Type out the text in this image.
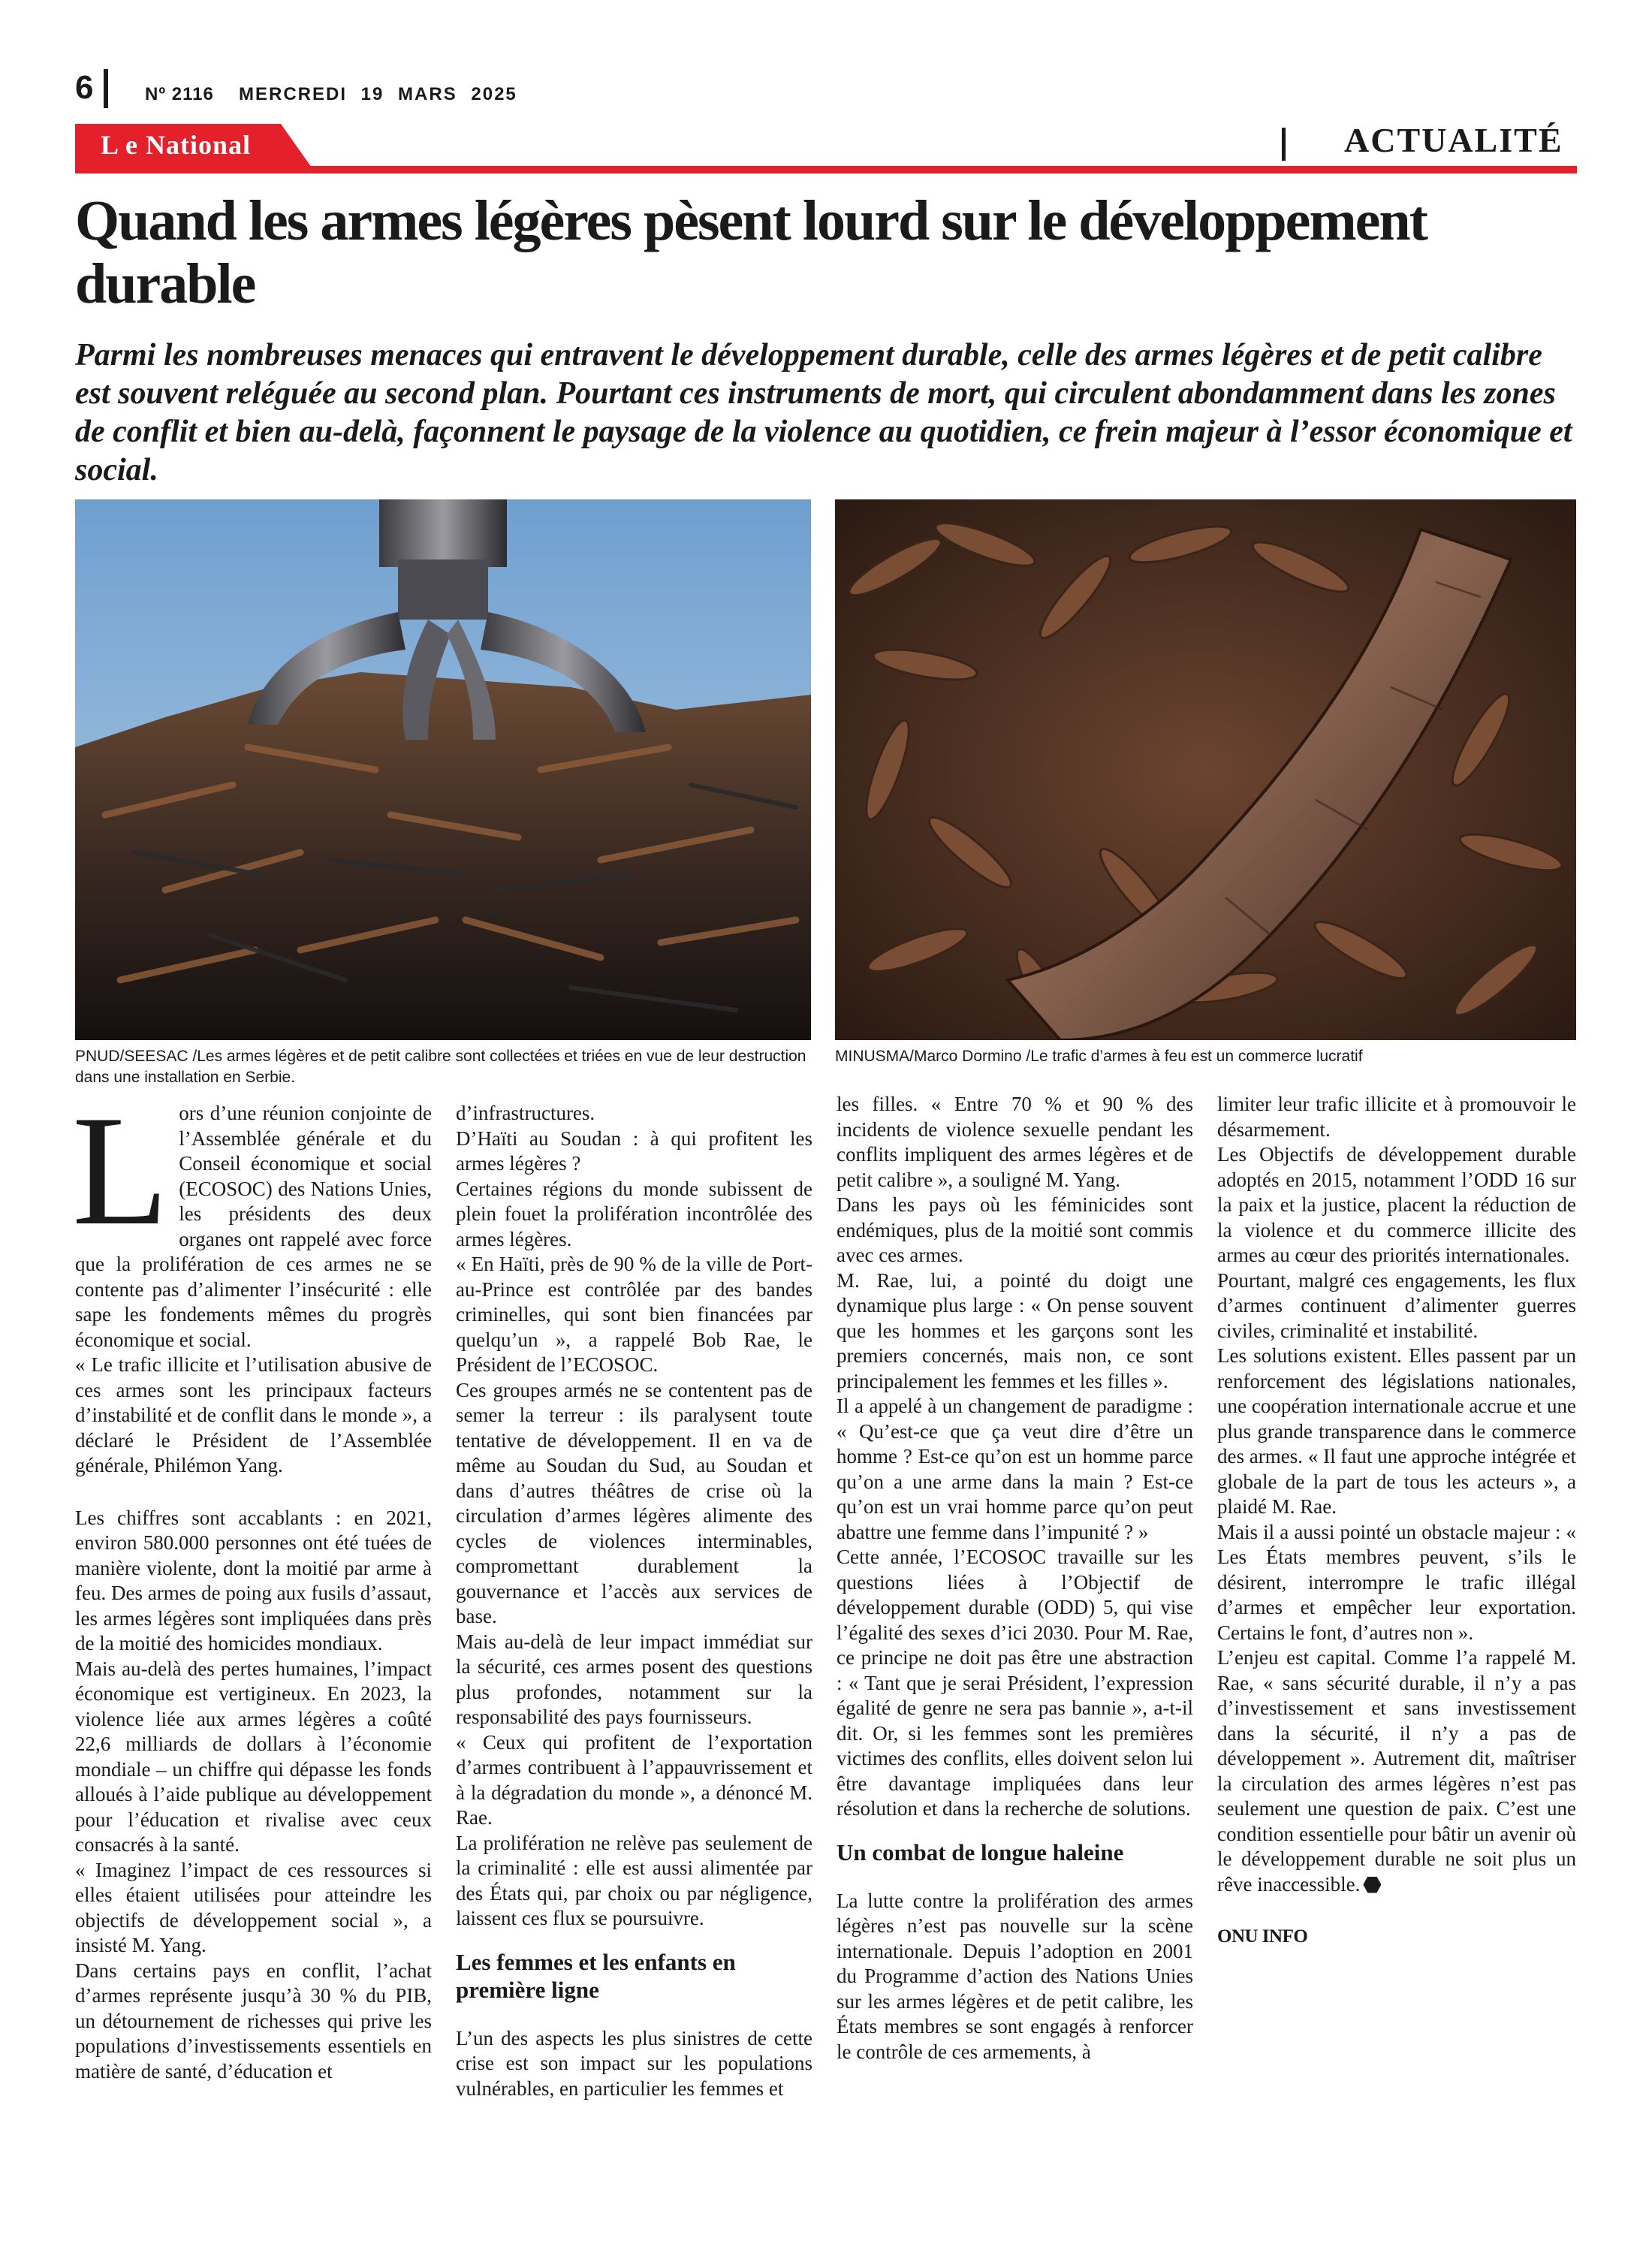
6	Nº 2116 MERCREDI 19 MARS 2025
L e National	ACTUALITÉ
Quand les armes légères pèsent lourd sur le développement durable
Parmi les nombreuses menaces qui entravent le développement durable, celle des armes légères et de petit calibre est souvent reléguée au second plan. Pourtant ces instruments de mort, qui circulent abondamment dans les zones de conflit et bien au-delà, façonnent le paysage de la violence au quotidien, ce frein majeur à l’essor économique et social.
PNUD/SEESAC /Les armes légères et de petit calibre sont collectées et triées en vue de leur destruction dans une installation en Serbie.
MINUSMA/Marco Dormino /Le trafic d’armes à feu est un commerce lucratif
L ors d’une réunion conjointe de l’Assemblée générale et du Conseil économique et social (ECOSOC) des Nations Unies, les présidents des deux organes ont rappelé avec force que la prolifération de ces armes ne se contente pas d’alimenter l’insécurité : elle sape les fondements mêmes du progrès économique et social.

« Le trafic illicite et l’utilisation abusive de ces armes sont les principaux facteurs d’instabilité et de conflit dans le monde », a déclaré le Président de l’Assemblée générale, Philémon Yang.

Les chiffres sont accablants : en 2021, environ 580.000 personnes ont été tuées de manière violente, dont la moitié par arme à feu. Des armes de poing aux fusils d’assaut, les armes légères sont impliquées dans près de la moitié des homicides mondiaux.

Mais au-delà des pertes humaines, l’impact économique est vertigineux. En 2023, la violence liée aux armes légères a coûté 22,6 milliards de dollars à l’économie mondiale – un chiffre qui dépasse les fonds alloués à l’aide publique au développement pour l’éducation et rivalise avec ceux consacrés à la santé.

« Imaginez l’impact de ces ressources si elles étaient utilisées pour atteindre les objectifs de développement social », a insisté M. Yang.

Dans certains pays en conflit, l’achat d’armes représente jusqu’à 30 % du PIB, un détournement de richesses qui prive les populations d’investissements essentiels en matière de santé, d’éducation et

d’infrastructures.

D’Haïti au Soudan : à qui profitent les armes légères ?

Certaines régions du monde subissent de plein fouet la prolifération incontrôlée des armes légères.

« En Haïti, près de 90 % de la ville de Port-au-Prince est contrôlée par des bandes criminelles, qui sont bien financées par quelqu’un », a rappelé Bob Rae, le Président de l’ECOSOC.

Ces groupes armés ne se contentent pas de semer la terreur : ils paralysent toute tentative de développement. Il en va de même au Soudan du Sud, au Soudan et dans d’autres théâtres de crise où la circulation d’armes légères alimente des cycles de violences interminables, compromettant durablement la gouvernance et l’accès aux services de base.

Mais au-delà de leur impact immédiat sur la sécurité, ces armes posent des questions plus profondes, notamment sur la responsabilité des pays fournisseurs.

« Ceux qui profitent de l’exportation d’armes contribuent à l’appauvrissement et à la dégradation du monde », a dénoncé M. Rae.

La prolifération ne relève pas seulement de la criminalité : elle est aussi alimentée par des États qui, par choix ou par négligence, laissent ces flux se poursuivre.

Les femmes et les enfants en première ligne

L’un des aspects les plus sinistres de cette crise est son impact sur les populations vulnérables, en particulier les femmes et

les filles. « Entre 70 % et 90 % des incidents de violence sexuelle pendant les conflits impliquent des armes légères et de petit calibre », a souligné M. Yang.

Dans les pays où les féminicides sont endémiques, plus de la moitié sont commis avec ces armes.

M. Rae, lui, a pointé du doigt une dynamique plus large : « On pense souvent que les hommes et les garçons sont les premiers concernés, mais non, ce sont principalement les femmes et les filles ».

Il a appelé à un changement de paradigme : « Qu’est-ce que ça veut dire d’être un homme ? Est-ce qu’on est un homme parce qu’on a une arme dans la main ? Est-ce qu’on est un vrai homme parce qu’on peut abattre une femme dans l’impunité ? »

Cette année, l’ECOSOC travaille sur les questions liées à l’Objectif de développement durable (ODD) 5, qui vise l’égalité des sexes d’ici 2030. Pour M. Rae, ce principe ne doit pas être une abstraction : « Tant que je serai Président, l’expression égalité de genre ne sera pas bannie », a-t-il dit. Or, si les femmes sont les premières victimes des conflits, elles doivent selon lui être davantage impliquées dans leur résolution et dans la recherche de solutions.

Un combat de longue haleine

La lutte contre la prolifération des armes légères n’est pas nouvelle sur la scène internationale. Depuis l’adoption en 2001 du Programme d’action des Nations Unies sur les armes légères et de petit calibre, les États membres se sont engagés à renforcer le contrôle de ces armements, à

limiter leur trafic illicite et à promouvoir le désarmement.

Les Objectifs de développement durable adoptés en 2015, notamment l’ODD 16 sur la paix et la justice, placent la réduction de la violence et du commerce illicite des armes au cœur des priorités internationales.

Pourtant, malgré ces engagements, les flux d’armes continuent d’alimenter guerres civiles, criminalité et instabilité.

Les solutions existent. Elles passent par un renforcement des législations nationales, une coopération internationale accrue et une plus grande transparence dans le commerce des armes. « Il faut une approche intégrée et globale de la part de tous les acteurs », a plaidé M. Rae.

Mais il a aussi pointé un obstacle majeur : « Les États membres peuvent, s’ils le désirent, interrompre le trafic illégal d’armes et empêcher leur exportation. Certains le font, d’autres non ».

L’enjeu est capital. Comme l’a rappelé M. Rae, « sans sécurité durable, il n’y a pas d’investissement et sans investissement dans la sécurité, il n’y a pas de développement ». Autrement dit, maîtriser la circulation des armes légères n’est pas seulement une question de paix. C’est une condition essentielle pour bâtir un avenir où le développement durable ne soit plus un rêve inaccessible.

ONU INFO
